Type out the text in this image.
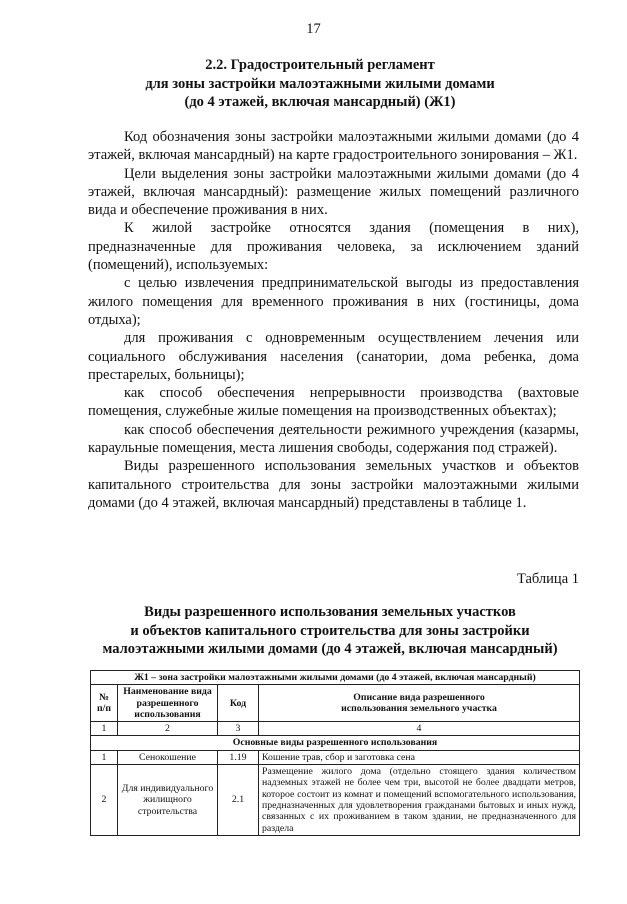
17
2.2. Градостроительный регламент
для зоны застройки малоэтажными жилыми домами
(до 4 этажей, включая мансардный) (Ж1)

Код обозначения зоны застройки малоэтажными жилыми домами (до 4 этажей, включая мансардный) на карте градостроительного зонирования – Ж1.

Цели выделения зоны застройки малоэтажными жилыми домами (до 4 этажей, включая мансардный): размещение жилых помещений различного вида и обеспечение проживания в них.

К жилой застройке относятся здания (помещения в них), предназначенные для проживания человека, за исключением зданий (помещений), используемых:

с целью извлечения предпринимательской выгоды из предоставления жилого помещения для временного проживания в них (гостиницы, дома отдыха);

для проживания с одновременным осуществлением лечения или социального обслуживания населения (санатории, дома ребенка, дома престарелых, больницы);

как способ обеспечения непрерывности производства (вахтовые помещения, служебные жилые помещения на производственных объектах);

как способ обеспечения деятельности режимного учреждения (казармы, караульные помещения, места лишения свободы, содержания под стражей).

Виды разрешенного использования земельных участков и объектов капитального строительства для зоны застройки малоэтажными жилыми домами (до 4 этажей, включая мансардный) представлены в таблице 1.

Таблица 1
Виды разрешенного использования земельных участков
и объектов капитального строительства для зоны застройки
малоэтажными жилыми домами (до 4 этажей, включая мансардный)
Ж1 – зона застройки малоэтажными жилыми домами (до 4 этажей, включая мансардный)			
№ п/п	Наименование вида разрешенного использования	Код	Описание вида разрешенного использования земельного участка
1	2	3	4
Основные виды разрешенного использования			
1	Сенокошение	1.19	Кошение трав, сбор и заготовка сена
2	Для индивидуального жилищного строительства	2.1	Размещение жилого дома (отдельно стоящего здания количеством надземных этажей не более чем три, высотой не более двадцати метров, которое состоит из комнат и помещений вспомогательного использования, предназначенных для удовлетворения гражданами бытовых и иных нужд, связанных с их проживанием в таком здании, не предназначенного для раздела
